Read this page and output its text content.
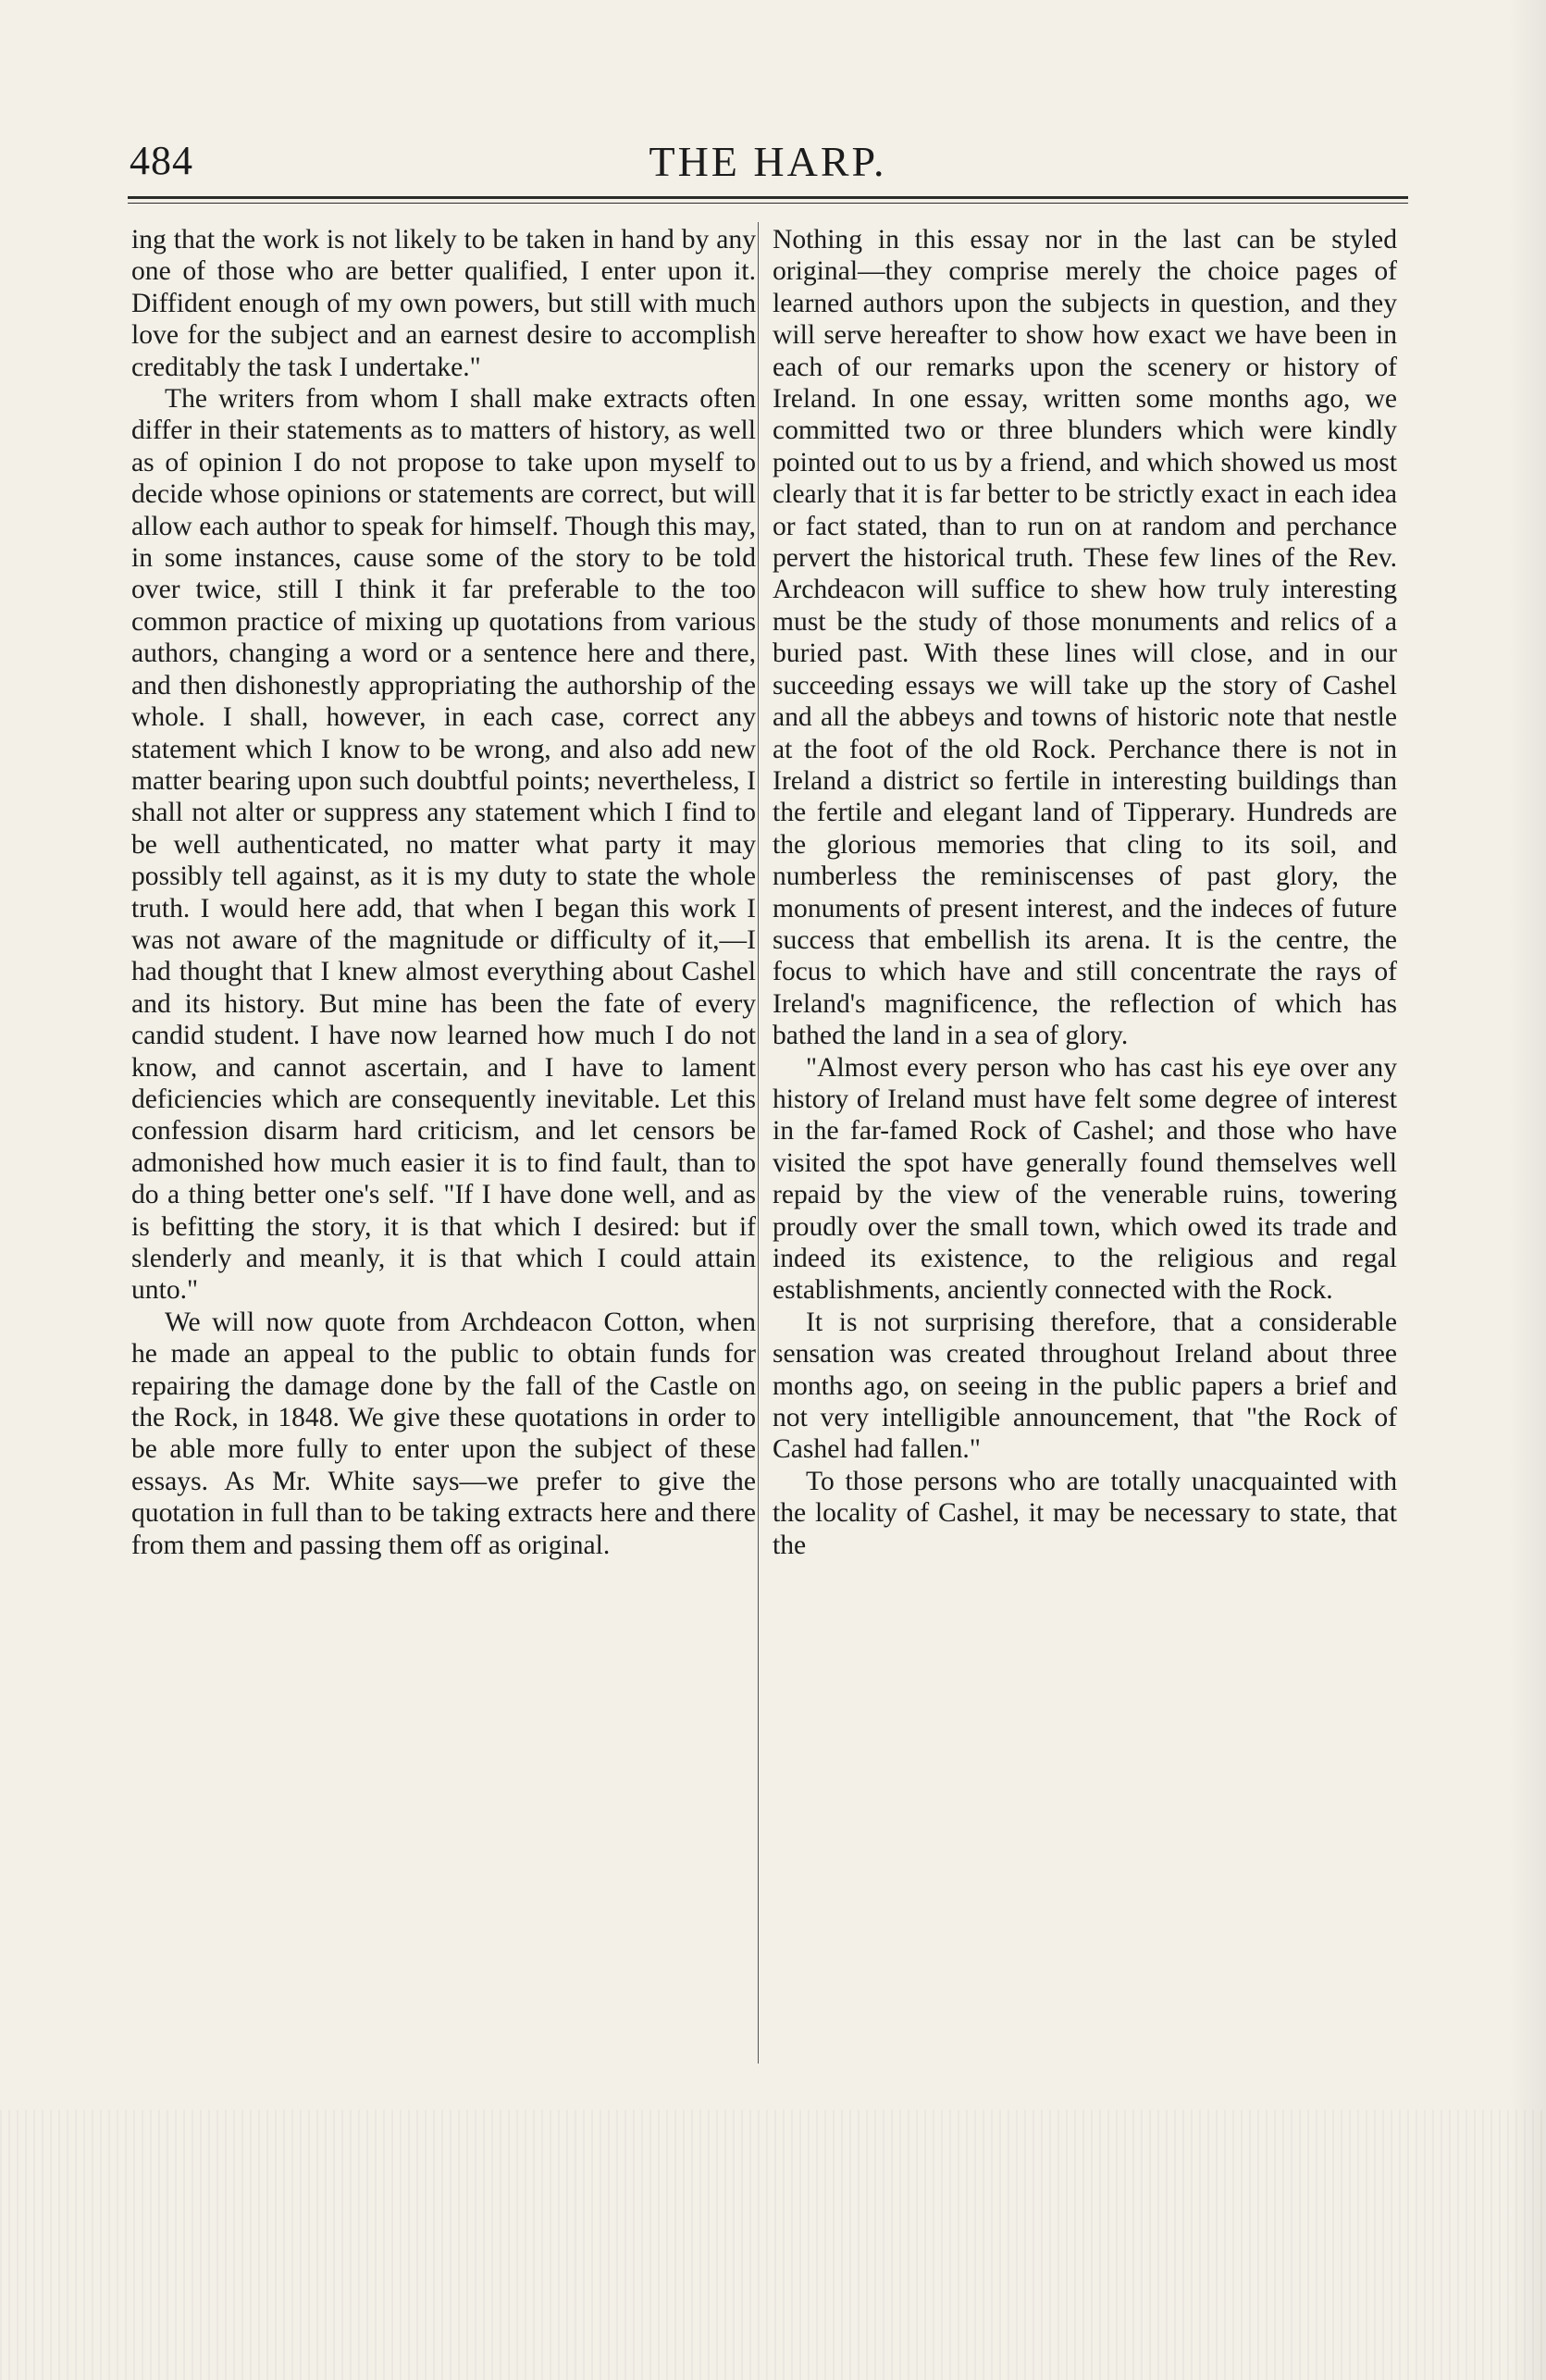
484	THE HARP.

ing that the work is not likely to be taken in hand by any one of those who are better qualified, I enter upon it. Diffident enough of my own powers, but still with much love for the subject and an earnest desire to accomplish creditably the task I undertake."

The writers from whom I shall make extracts often differ in their statements as to matters of history, as well as of opinion I do not propose to take upon myself to decide whose opinions or statements are correct, but will allow each author to speak for himself. Though this may, in some instances, cause some of the story to be told over twice, still I think it far preferable to the too common practice of mixing up quotations from various authors, changing a word or a sentence here and there, and then dishonestly appropriating the authorship of the whole. I shall, however, in each case, correct any statement which I know to be wrong, and also add new matter bearing upon such doubtful points; nevertheless, I shall not alter or suppress any statement which I find to be well authenticated, no matter what party it may possibly tell against, as it is my duty to state the whole truth. I would here add, that when I began this work I was not aware of the magnitude or difficulty of it,—I had thought that I knew almost everything about Cashel and its history. But mine has been the fate of every candid student. I have now learned how much I do not know, and cannot ascertain, and I have to lament deficiencies which are consequently inevitable. Let this confession disarm hard criticism, and let censors be admonished how much easier it is to find fault, than to do a thing better one's self. "If I have done well, and as is befitting the story, it is that which I desired: but if slenderly and meanly, it is that which I could attain unto."

We will now quote from Archdeacon Cotton, when he made an appeal to the public to obtain funds for repairing the damage done by the fall of the Castle on the Rock, in 1848. We give these quotations in order to be able more fully to enter upon the subject of these essays. As Mr. White says—we prefer to give the quotation in full than to be taking extracts here and there from them and passing them off as original.

Nothing in this essay nor in the last can be styled original—they comprise merely the choice pages of learned authors upon the subjects in question, and they will serve hereafter to show how exact we have been in each of our remarks upon the scenery or history of Ireland. In one essay, written some months ago, we committed two or three blunders which were kindly pointed out to us by a friend, and which showed us most clearly that it is far better to be strictly exact in each idea or fact stated, than to run on at random and perchance pervert the historical truth. These few lines of the Rev. Archdeacon will suffice to shew how truly interesting must be the study of those monuments and relics of a buried past. With these lines will close, and in our succeeding essays we will take up the story of Cashel and all the abbeys and towns of historic note that nestle at the foot of the old Rock. Perchance there is not in Ireland a district so fertile in interesting buildings than the fertile and elegant land of Tipperary. Hundreds are the glorious memories that cling to its soil, and numberless the reminiscenses of past glory, the monuments of present interest, and the indeces of future success that embellish its arena. It is the centre, the focus to which have and still concentrate the rays of Ireland's magnificence, the reflection of which has bathed the land in a sea of glory.

"Almost every person who has cast his eye over any history of Ireland must have felt some degree of interest in the far-famed Rock of Cashel; and those who have visited the spot have generally found themselves well repaid by the view of the venerable ruins, towering proudly over the small town, which owed its trade and indeed its existence, to the religious and regal establishments, anciently connected with the Rock.

It is not surprising therefore, that a considerable sensation was created throughout Ireland about three months ago, on seeing in the public papers a brief and not very intelligible announcement, that "the Rock of Cashel had fallen."

To those persons who are totally unacquainted with the locality of Cashel, it may be necessary to state, that the
